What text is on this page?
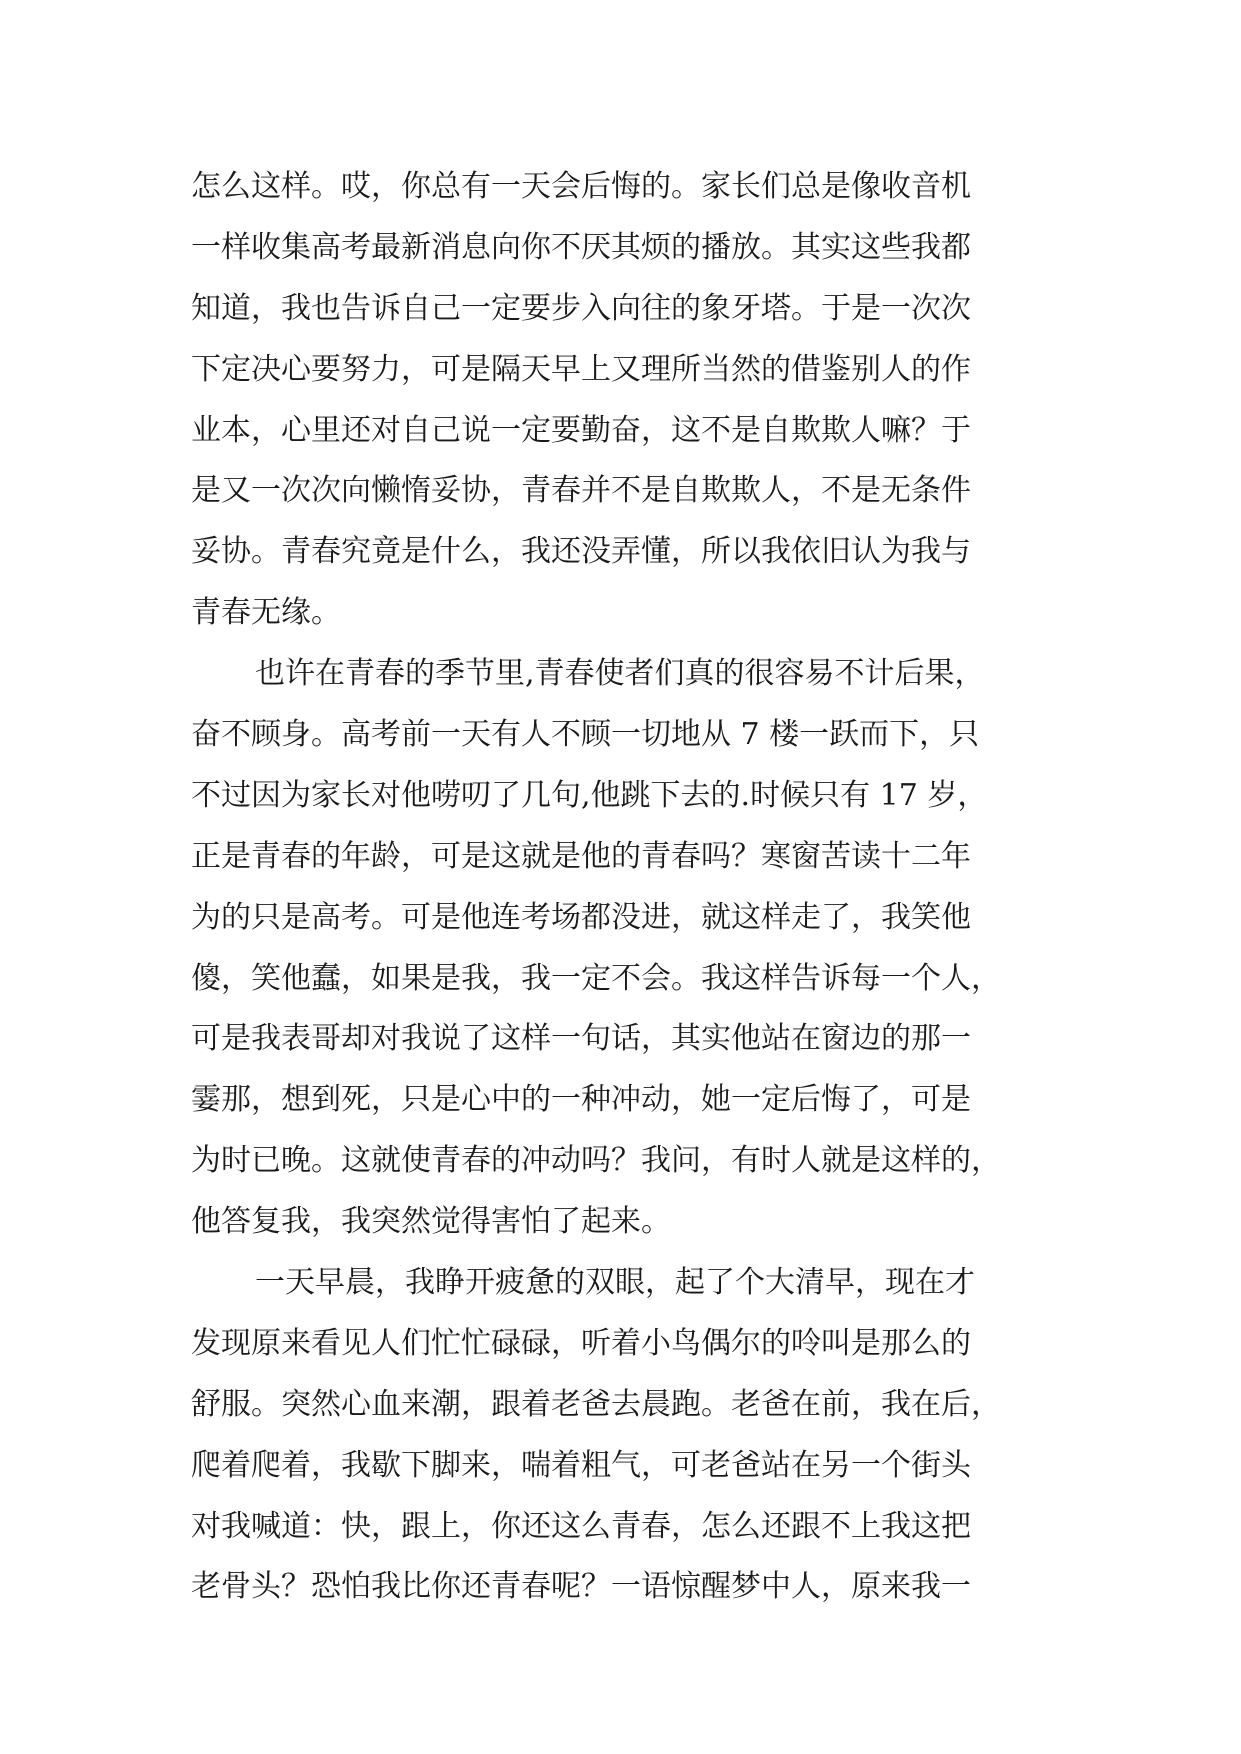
怎么这样。哎，你总有一天会后悔的。家长们总是像收音机
一样收集高考最新消息向你不厌其烦的播放。其实这些我都
知道，我也告诉自己一定要步入向往的象牙塔。于是一次次
下定决心要努力，可是隔天早上又理所当然的借鉴别人的作
业本，心里还对自己说一定要勤奋，这不是自欺欺人嘛？于
是又一次次向懒惰妥协，青春并不是自欺欺人，不是无条件
妥协。青春究竟是什么，我还没弄懂，所以我依旧认为我与
青春无缘。
也许在青春的季节里,青春使者们真的很容易不计后果，
奋不顾身。高考前一天有人不顾一切地从 7 楼一跃而下，只
不过因为家长对他唠叨了几句,他跳下去的.时候只有 17 岁，
正是青春的年龄，可是这就是他的青春吗？寒窗苦读十二年
为的只是高考。可是他连考场都没进，就这样走了，我笑他
傻，笑他蠢，如果是我，我一定不会。我这样告诉每一个人，
可是我表哥却对我说了这样一句话，其实他站在窗边的那一
霎那，想到死，只是心中的一种冲动，她一定后悔了，可是
为时已晚。这就使青春的冲动吗？我问，有时人就是这样的，
他答复我，我突然觉得害怕了起来。
一天早晨，我睁开疲惫的双眼，起了个大清早，现在才
发现原来看见人们忙忙碌碌，听着小鸟偶尔的呤叫是那么的
舒服。突然心血来潮，跟着老爸去晨跑。老爸在前，我在后，
爬着爬着，我歇下脚来，喘着粗气，可老爸站在另一个街头
对我喊道：快，跟上，你还这么青春，怎么还跟不上我这把
老骨头？恐怕我比你还青春呢？一语惊醒梦中人，原来我一
